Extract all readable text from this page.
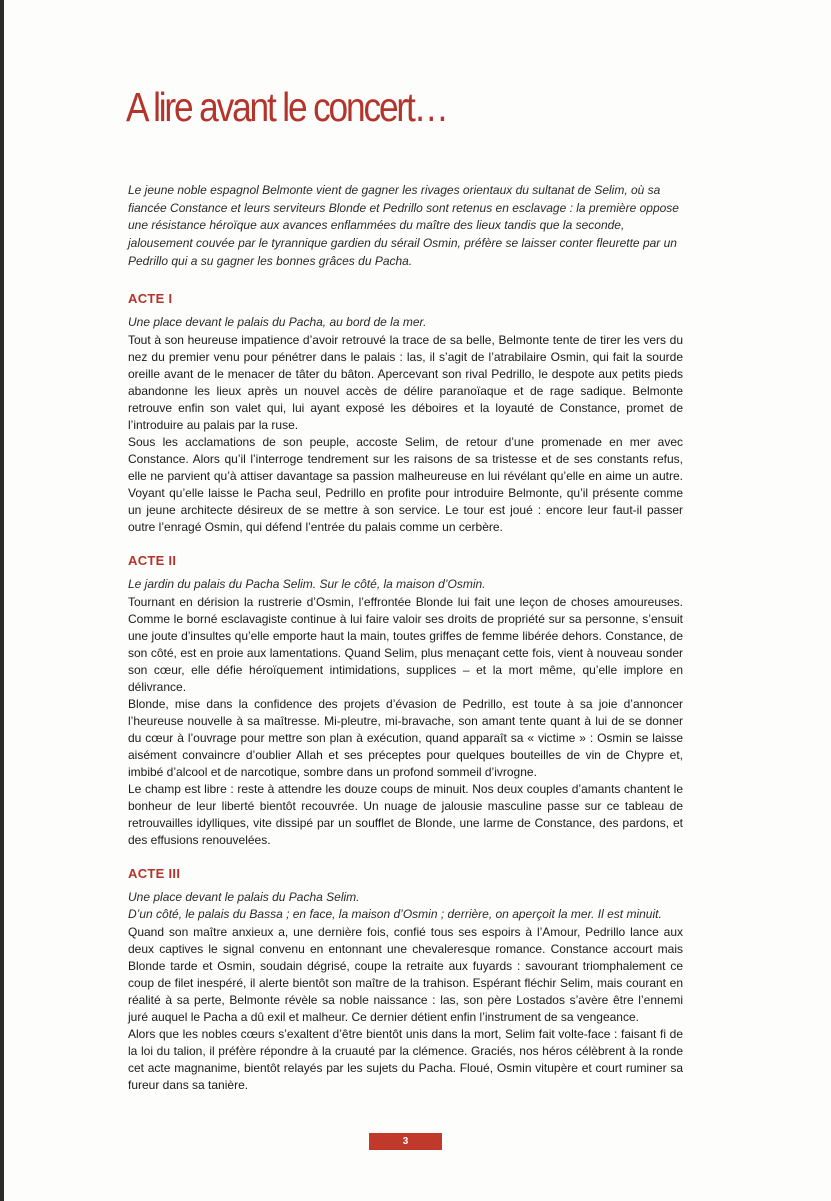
A lire avant le concert…

Le jeune noble espagnol Belmonte vient de gagner les rivages orientaux du sultanat de Selim, où sa fiancée Constance et leurs serviteurs Blonde et Pedrillo sont retenus en esclavage : la première oppose une résistance héroïque aux avances enflammées du maître des lieux tandis que la seconde, jalousement couvée par le tyrannique gardien du sérail Osmin, préfère se laisser conter fleurette par un Pedrillo qui a su gagner les bonnes grâces du Pacha.

ACTE I

Une place devant le palais du Pacha, au bord de la mer.

Tout à son heureuse impatience d’avoir retrouvé la trace de sa belle, Belmonte tente de tirer les vers du nez du premier venu pour pénétrer dans le palais : las, il s’agit de l’atrabilaire Osmin, qui fait la sourde oreille avant de le menacer de tâter du bâton. Apercevant son rival Pedrillo, le despote aux petits pieds abandonne les lieux après un nouvel accès de délire paranoïaque et de rage sadique. Belmonte retrouve enfin son valet qui, lui ayant exposé les déboires et la loyauté de Constance, promet de l’introduire au palais par la ruse.

Sous les acclamations de son peuple, accoste Selim, de retour d’une promenade en mer avec Constance. Alors qu’il l’interroge tendrement sur les raisons de sa tristesse et de ses constants refus, elle ne parvient qu’à attiser davantage sa passion malheureuse en lui révélant qu’elle en aime un autre. Voyant qu’elle laisse le Pacha seul, Pedrillo en profite pour introduire Belmonte, qu’il présente comme un jeune architecte désireux de se mettre à son service. Le tour est joué : encore leur faut-il passer outre l’enragé Osmin, qui défend l’entrée du palais comme un cerbère.

ACTE II

Le jardin du palais du Pacha Selim. Sur le côté, la maison d’Osmin.

Tournant en dérision la rustrerie d’Osmin, l’effrontée Blonde lui fait une leçon de choses amoureuses. Comme le borné esclavagiste continue à lui faire valoir ses droits de propriété sur sa personne, s’ensuit une joute d’insultes qu’elle emporte haut la main, toutes griffes de femme libérée dehors. Constance, de son côté, est en proie aux lamentations. Quand Selim, plus menaçant cette fois, vient à nouveau sonder son cœur, elle défie héroïquement intimidations, supplices – et la mort même, qu’elle implore en délivrance.

Blonde, mise dans la confidence des projets d’évasion de Pedrillo, est toute à sa joie d’annoncer l’heureuse nouvelle à sa maîtresse. Mi-pleutre, mi-bravache, son amant tente quant à lui de se donner du cœur à l’ouvrage pour mettre son plan à exécution, quand apparaît sa « victime » : Osmin se laisse aisément convaincre d’oublier Allah et ses préceptes pour quelques bouteilles de vin de Chypre et, imbibé d’alcool et de narcotique, sombre dans un profond sommeil d’ivrogne.

Le champ est libre : reste à attendre les douze coups de minuit. Nos deux couples d’amants chantent le bonheur de leur liberté bientôt recouvrée. Un nuage de jalousie masculine passe sur ce tableau de retrouvailles idylliques, vite dissipé par un soufflet de Blonde, une larme de Constance, des pardons, et des effusions renouvelées.

ACTE III

Une place devant le palais du Pacha Selim.

D’un côté, le palais du Bassa ; en face, la maison d’Osmin ; derrière, on aperçoit la mer. Il est minuit.

Quand son maître anxieux a, une dernière fois, confié tous ses espoirs à l’Amour, Pedrillo lance aux deux captives le signal convenu en entonnant une chevaleresque romance. Constance accourt mais Blonde tarde et Osmin, soudain dégrisé, coupe la retraite aux fuyards : savourant triomphalement ce coup de filet inespéré, il alerte bientôt son maître de la trahison. Espérant fléchir Selim, mais courant en réalité à sa perte, Belmonte révèle sa noble naissance : las, son père Lostados s’avère être l’ennemi juré auquel le Pacha a dû exil et malheur. Ce dernier détient enfin l’instrument de sa vengeance.

Alors que les nobles cœurs s’exaltent d’être bientôt unis dans la mort, Selim fait volte-face : faisant fi de la loi du talion, il préfère répondre à la cruauté par la clémence. Graciés, nos héros célèbrent à la ronde cet acte magnanime, bientôt relayés par les sujets du Pacha. Floué, Osmin vitupère et court ruminer sa fureur dans sa tanière.

3
